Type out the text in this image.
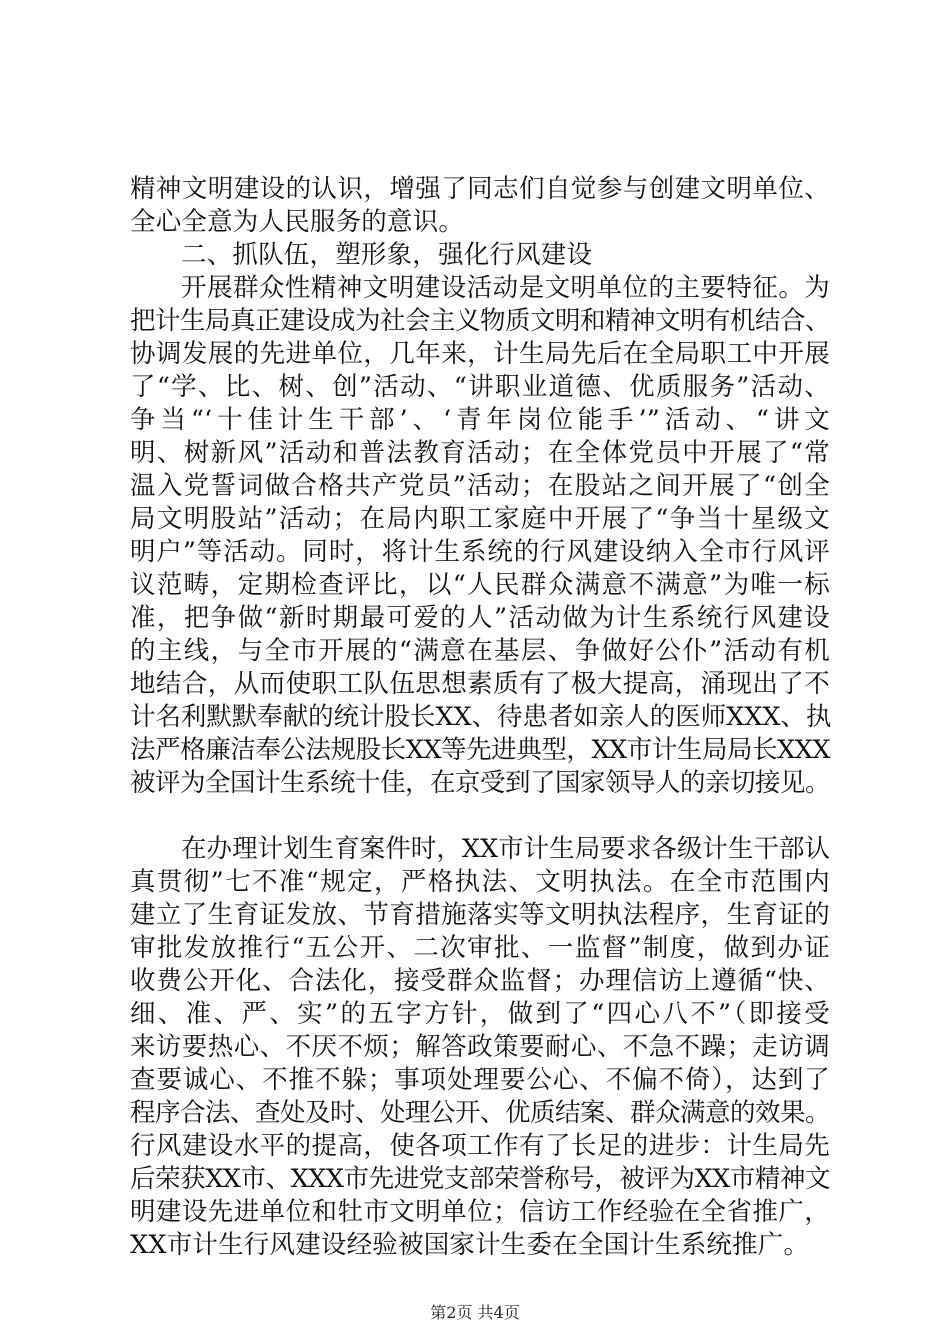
精神文明建设的认识，增强了同志们自觉参与创建文明单位、
全心全意为人民服务的意识。
二、抓队伍，塑形象，强化行风建设
开展群众性精神文明建设活动是文明单位的主要特征。为
把计生局真正建设成为社会主义物质文明和精神文明有机结合、
协调发展的先进单位，几年来，计生局先后在全局职工中开展
了“学、比、树、创”活动、“讲职业道德、优质服务”活动、
争当“‘十佳计生干部’、‘青年岗位能手’”活动、“讲文
明、树新风”活动和普法教育活动；在全体党员中开展了“常
温入党誓词做合格共产党员”活动；在股站之间开展了“创全
局文明股站”活动；在局内职工家庭中开展了“争当十星级文
明户”等活动。同时，将计生系统的行风建设纳入全市行风评
议范畴，定期检查评比，以“人民群众满意不满意”为唯一标
准，把争做“新时期最可爱的人”活动做为计生系统行风建设
的主线，与全市开展的“满意在基层、争做好公仆”活动有机
地结合，从而使职工队伍思想素质有了极大提高，涌现出了不
计名利默默奉献的统计股长XX、待患者如亲人的医师XXX、执
法严格廉洁奉公法规股长XX等先进典型，XX市计生局局长XXX
被评为全国计生系统十佳，在京受到了国家领导人的亲切接见。
在办理计划生育案件时，XX市计生局要求各级计生干部认
真贯彻”七不准“规定，严格执法、文明执法。在全市范围内
建立了生育证发放、节育措施落实等文明执法程序，生育证的
审批发放推行“五公开、二次审批、一监督”制度，做到办证
收费公开化、合法化，接受群众监督；办理信访上遵循“快、
细、准、严、实”的五字方针，做到了“四心八不”（即接受
来访要热心、不厌不烦；解答政策要耐心、不急不躁；走访调
查要诚心、不推不躲；事项处理要公心、不偏不倚），达到了
程序合法、查处及时、处理公开、优质结案、群众满意的效果。
行风建设水平的提高，使各项工作有了长足的进步：计生局先
后荣获XX市、XXX市先进党支部荣誉称号，被评为XX市精神文
明建设先进单位和牡市文明单位；信访工作经验在全省推广，
XX市计生行风建设经验被国家计生委在全国计生系统推广。
第2页 共4页
